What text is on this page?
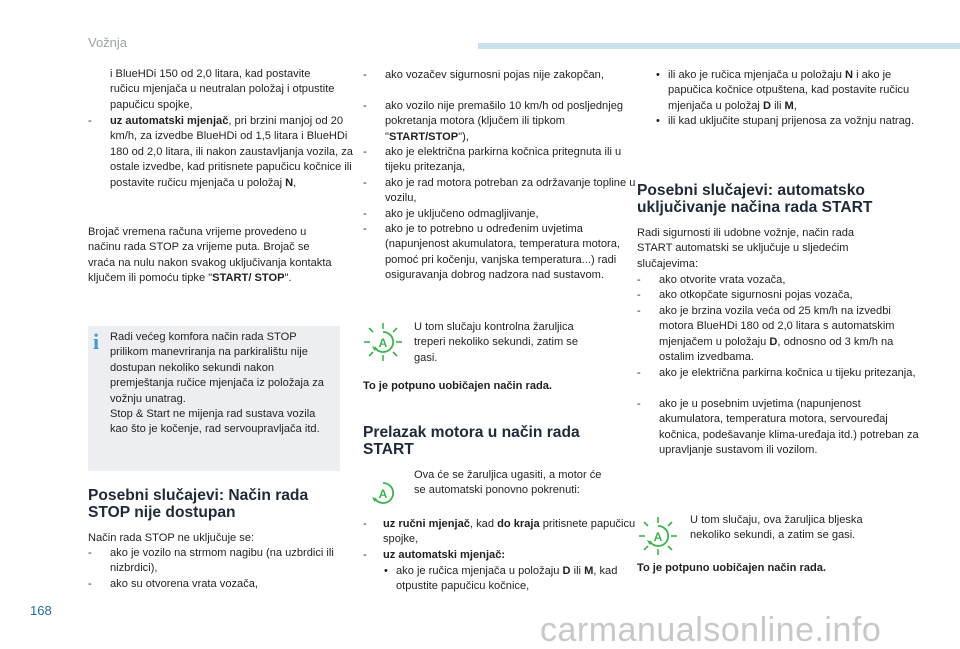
Vožnja

i BlueHDi 150 od 2,0 litara, kad postavite ručicu mjenjača u neutralan položaj i otpustite papučicu spojke,

- uz automatski mjenjač, pri brzini manjoj od 20 km/h, za izvedbe BlueHDi od 1,5 litara i BlueHDi 180 od 2,0 litara, ili nakon zaustavljanja vozila, za ostale izvedbe, kad pritisnete papučicu kočnice ili postavite ručicu mjenjača u položaj N,

Brojač vremena računa vrijeme provedeno u načinu rada STOP za vrijeme puta. Brojač se vraća na nulu nakon svakog uključivanja kontakta ključem ili pomoću tipke "START/ STOP".

i Radi većeg komfora način rada STOP prilikom manevriranja na parkiralištu nije dostupan nekoliko sekundi nakon premještanja ručice mjenjača iz položaja za vožnju unatrag.

Stop & Start ne mijenja rad sustava vozila kao što je kočenje, rad servoupravljača itd.

Posebni slučajevi: Način rada STOP nije dostupan

Način rada STOP ne uključuje se:

- ako je vozilo na strmom nagibu (na uzbrdici ili nizbrdici),

- ako su otvorena vrata vozača,

- ako vozačev sigurnosni pojas nije zakopčan,

- ako vozilo nije premašilo 10 km/h od posljednjeg pokretanja motora (ključem ili tipkom "START/STOP"),

- ako je električna parkirna kočnica pritegnuta ili u tijeku pritezanja,

- ako je rad motora potreban za održavanje topline u vozilu,

- ako je uključeno odmagljivanje,

- ako je to potrebno u određenim uvjetima (napunjenost akumulatora, temperatura motora, pomoć pri kočenju, vanjska temperatura...) radi osiguravanja dobrog nadzora nad sustavom.

A

U tom slučaju kontrolna žaruljica treperi nekoliko sekundi, zatim se gasi.

To je potpuno uobičajen način rada.

Prelazak motora u način rada START
A

Ova će se žaruljica ugasiti, a motor će se automatski ponovno pokrenuti:

- uz ručni mjenjač, kad do kraja pritisnete papučicu spojke,

- uz automatski mjenjač:

• ako je ručica mjenjača u položaju D ili M, kad otpustite papučicu kočnice,

• ili ako je ručica mjenjača u položaju N i ako je papučica kočnice otpuštena, kad postavite ručicu mjenjača u položaj D ili M,

• ili kad uključite stupanj prijenosa za vožnju natrag.

Posebni slučajevi: automatsko uključivanje načina rada START

Radi sigurnosti ili udobne vožnje, način rada START automatski se uključuje u sljedećim slučajevima:

- ako otvorite vrata vozača,

- ako otkopčate sigurnosni pojas vozača,

- ako je brzina vozila veća od 25 km/h na izvedbi motora BlueHDi 180 od 2,0 litara s automatskim mjenjačem u položaju D, odnosno od 3 km/h na ostalim izvedbama.

- ako je električna parkirna kočnica u tijeku pritezanja,

- ako je u posebnim uvjetima (napunjenost akumulatora, temperatura motora, servouređaj kočnica, podešavanje klima-uređaja itd.) potreban za upravljanje sustavom ili vozilom.

A

U tom slučaju, ova žaruljica bljeska nekoliko sekundi, a zatim se gasi.

To je potpuno uobičajen način rada.

168
carmanualsonline.info
